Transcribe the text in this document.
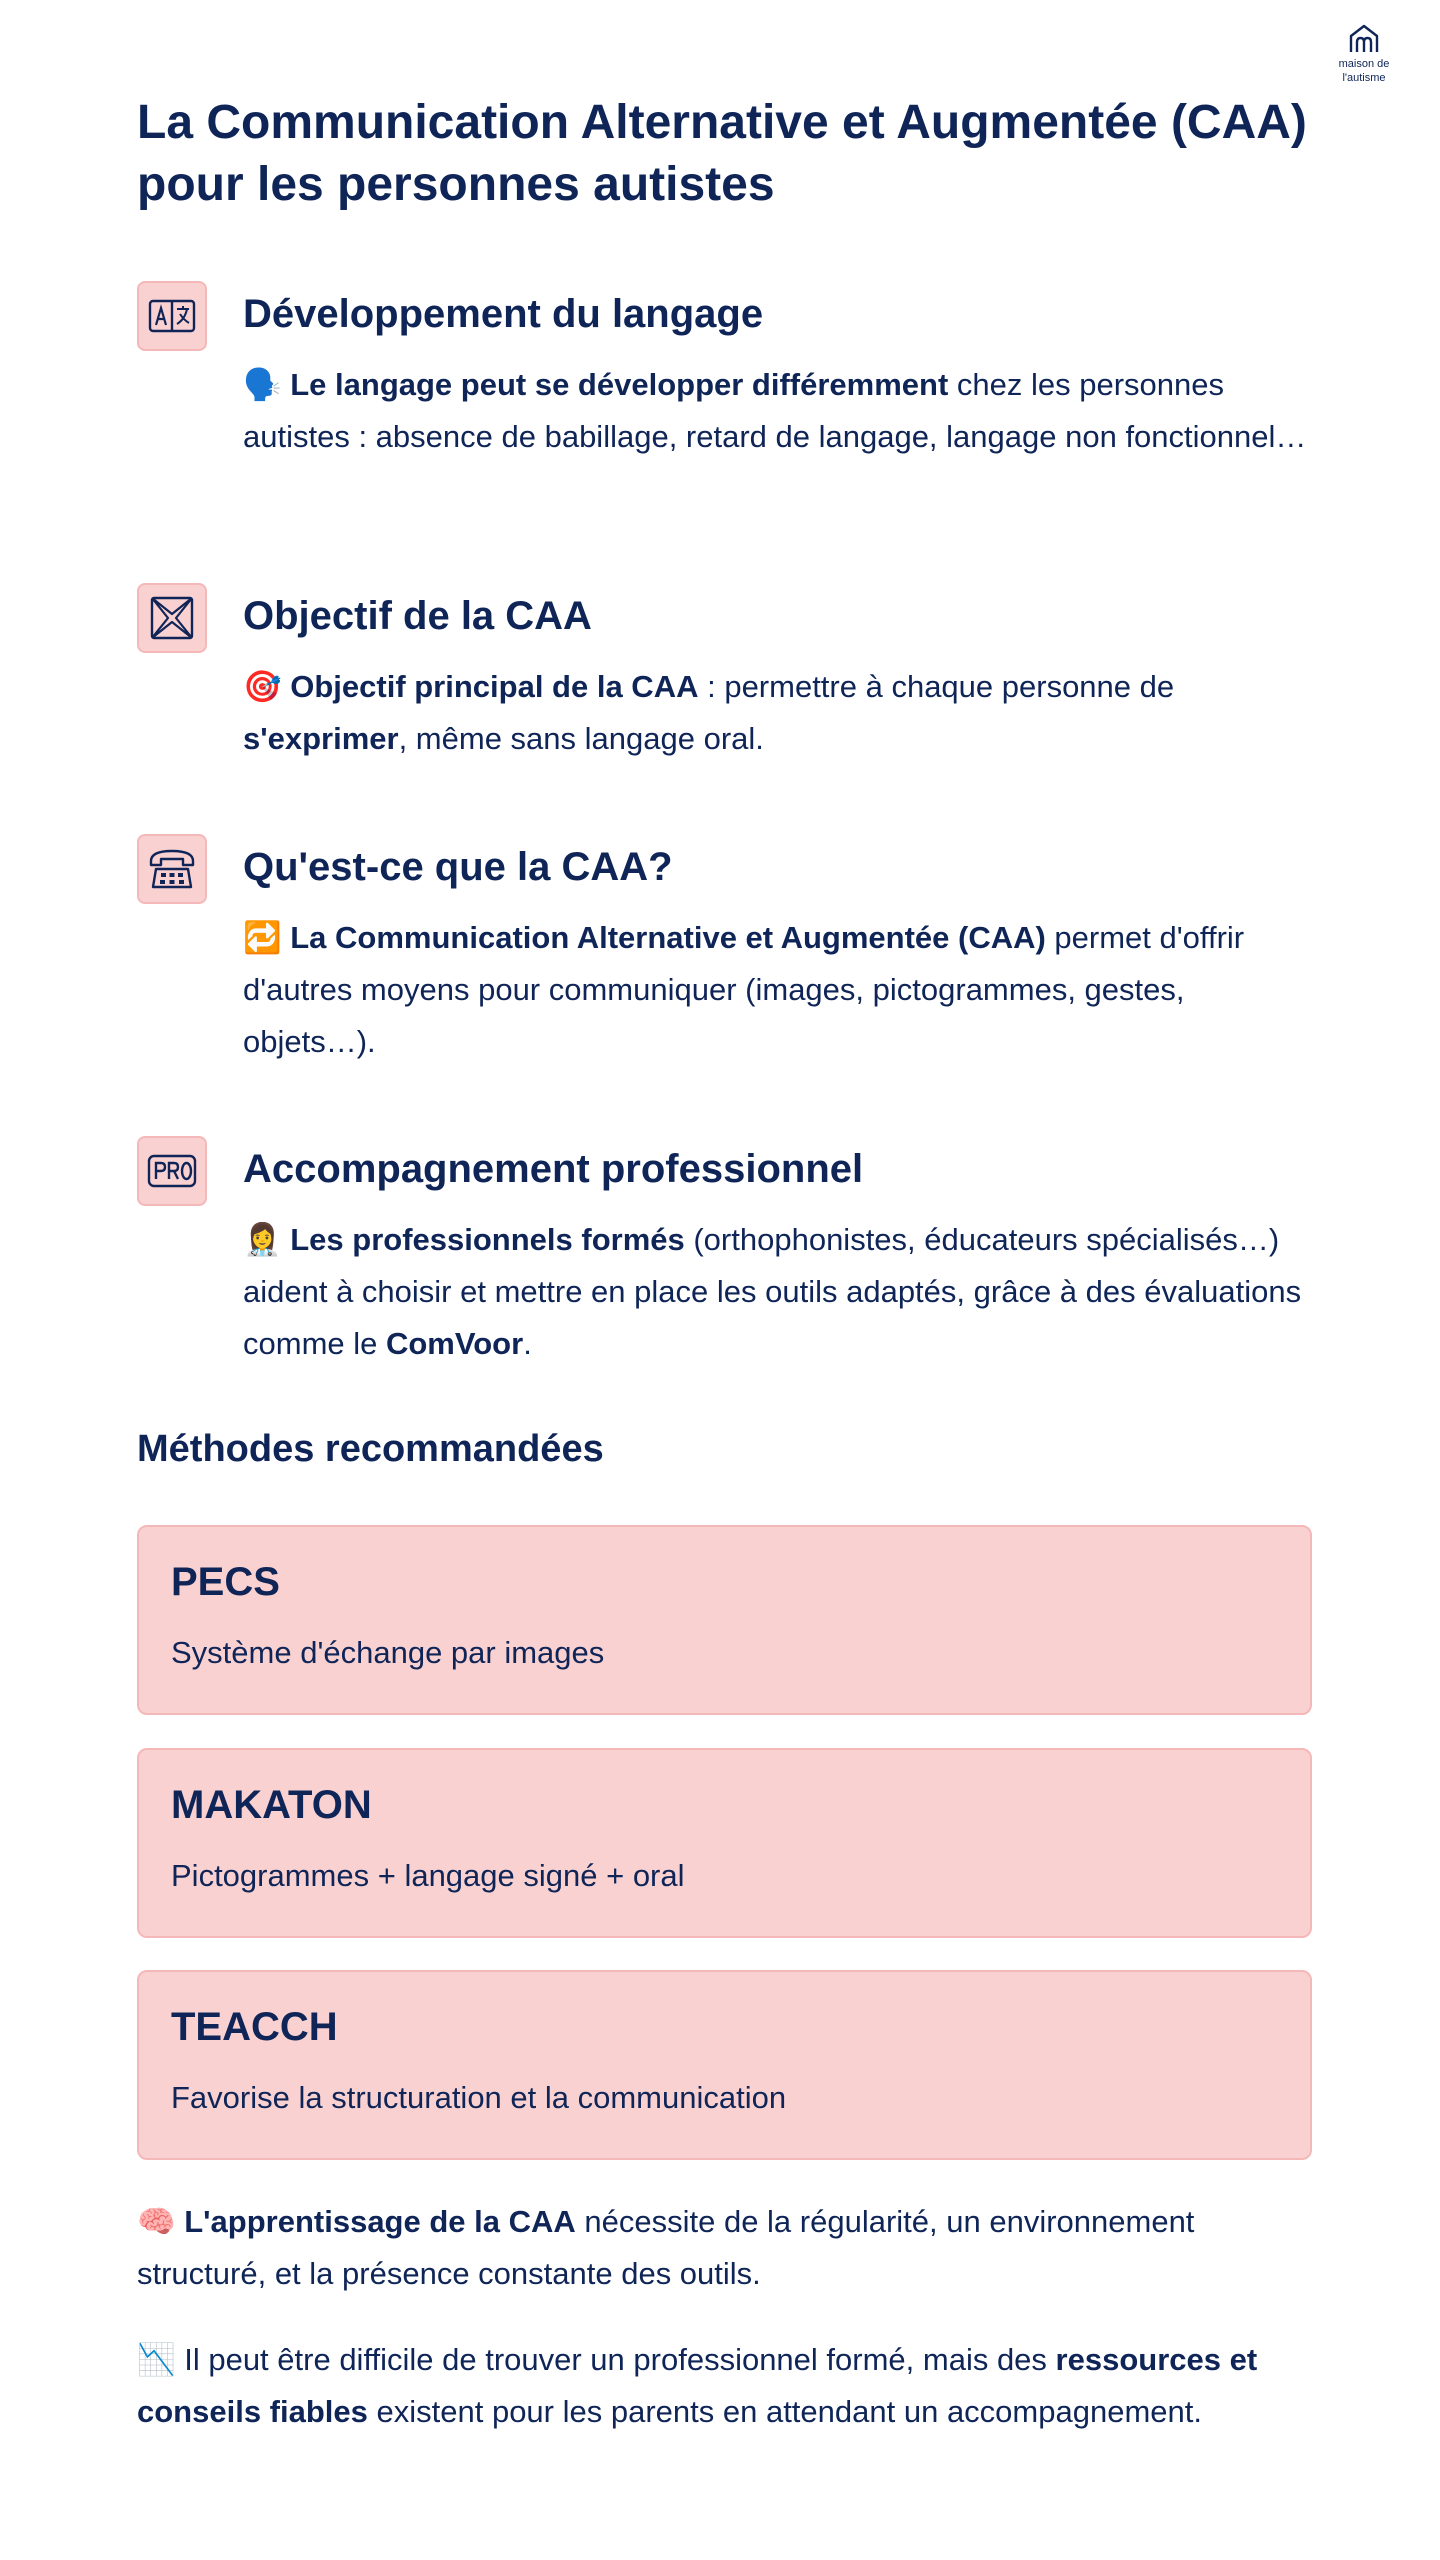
maison de
l'autisme
La Communication Alternative et Augmentée (CAA) pour les personnes autistes
Développement du langage

🗣️ Le langage peut se développer différemment chez les personnes autistes : absence de babillage, retard de langage, langage non fonctionnel…

Objectif de la CAA

🎯 Objectif principal de la CAA : permettre à chaque personne de s'exprimer, même sans langage oral.

Qu'est-ce que la CAA?

🔁 La Communication Alternative et Augmentée (CAA) permet d'offrir d'autres moyens pour communiquer (images, pictogrammes, gestes, objets…).

Accompagnement professionnel

👩‍⚕️ Les professionnels formés (orthophonistes, éducateurs spécialisés…) aident à choisir et mettre en place les outils adaptés, grâce à des évaluations comme le ComVoor.

Méthodes recommandées
PECS

Système d'échange par images

MAKATON

Pictogrammes + langage signé + oral

TEACCH

Favorise la structuration et la communication

🧠 L'apprentissage de la CAA nécessite de la régularité, un environnement structuré, et la présence constante des outils.

📉 Il peut être difficile de trouver un professionnel formé, mais des ressources et conseils fiables existent pour les parents en attendant un accompagnement.
